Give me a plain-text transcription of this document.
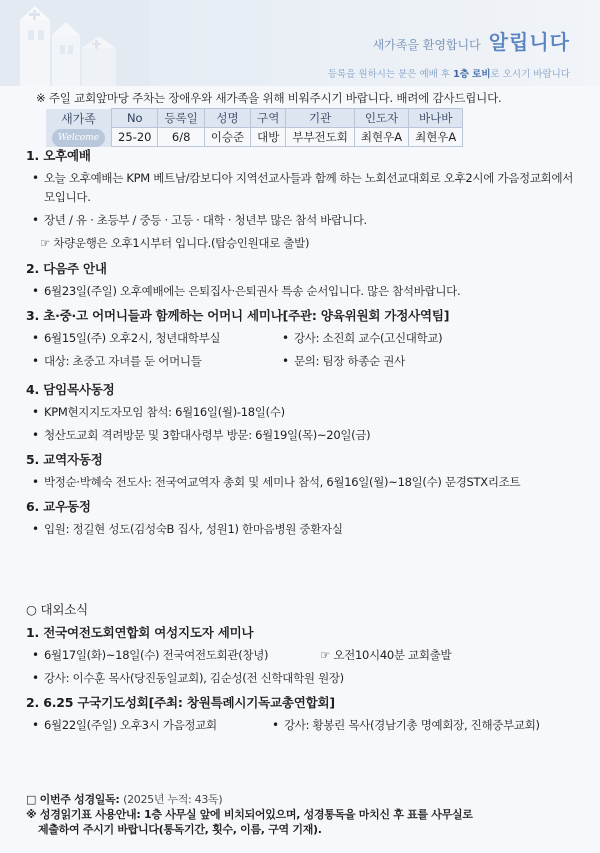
새가족을 환영합니다 알립니다
등록을 원하시는 분은 예배 후 1층 로비로 오시기 바랍니다
※ 주일 교회앞마당 주차는 장애우와 새가족을 위해 비워주시기 바랍니다. 배려에 감사드립니다.
새가족
Welcome	No	등록일	성명	구역	기관	인도자	바나바
	25-20	6/8	이승준	대방	부부전도회	최현우A	최현우A
1. 오후예배
• 오늘 오후예배는 KPM 베트남/캄보디아 지역선교사들과 함께 하는 노회선교대회로 오후2시에 가음정교회에서 모입니다.
• 장년 / 유 · 초등부 / 중등 · 고등 · 대학 · 청년부 많은 참석 바랍니다.
☞ 차량운행은 오후1시부터 입니다.(탑승인원대로 출발)
2. 다음주 안내
• 6월23일(주일) 오후예배에는 은퇴집사·은퇴권사 특송 순서입니다. 많은 참석바랍니다.
3. 초·중·고 어머니들과 함께하는 어머니 세미나[주관: 양육위원회 가정사역팀]
• 6월15일(주) 오후2시, 청년대학부실	• 강사: 소진희 교수(고신대학교)
• 대상: 초중고 자녀를 둔 어머니들	• 문의: 팀장 하종순 권사
4. 담임목사동정
• KPM현지지도자모임 참석: 6월16일(월)-18일(수)
• 청산도교회 격려방문 및 3함대사령부 방문: 6월19일(목)~20일(금)
5. 교역자동정
• 박정순·박혜숙 전도사: 전국여교역자 총회 및 세미나 참석, 6월16일(월)~18일(수) 문경STX리조트
6. 교우동정
• 입원: 정길현 성도(김성숙B 집사, 성원1) 한마음병원 중환자실
○ 대외소식
1. 전국여전도회연합회 여성지도자 세미나
• 6월17일(화)~18일(수) 전국여전도회관(창녕)	☞ 오전10시40분 교회출발
• 강사: 이수훈 목사(당진동일교회), 김순성(전 신학대학원 원장)
2. 6.25 구국기도성회[주최: 창원특례시기독교총연합회]
• 6월22일(주일) 오후3시 가음정교회	• 강사: 황봉린 목사(경남기총 명예회장, 진해중부교회)
□ 이번주 성경일독: (2025년 누적: 43독)
※ 성경읽기표 사용안내: 1층 사무실 앞에 비치되어있으며, 성경통독을 마치신 후 표를 사무실로
제출하여 주시기 바랍니다(통독기간, 횟수, 이름, 구역 기재).
